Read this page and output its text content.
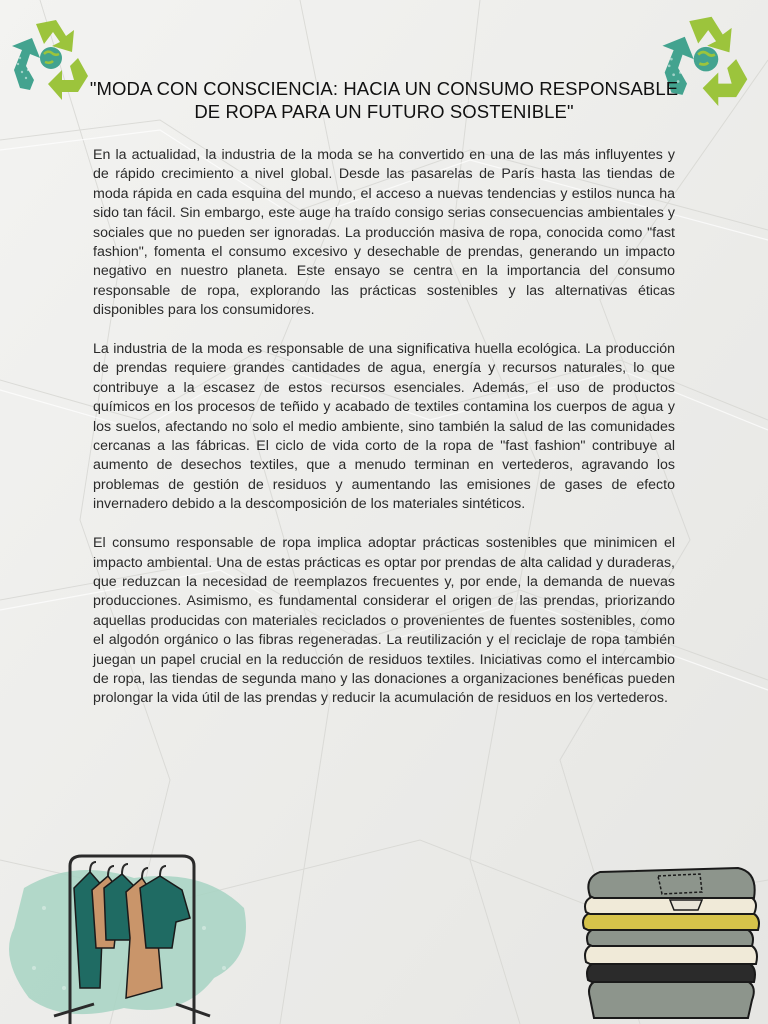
"MODA CON CONSCIENCIA: HACIA UN CONSUMO RESPONSABLE DE ROPA PARA UN FUTURO SOSTENIBLE"

En la actualidad, la industria de la moda se ha convertido en una de las más influyentes y de rápido crecimiento a nivel global. Desde las pasarelas de París hasta las tiendas de moda rápida en cada esquina del mundo, el acceso a nuevas tendencias y estilos nunca ha sido tan fácil. Sin embargo, este auge ha traído consigo serias consecuencias ambientales y sociales que no pueden ser ignoradas. La producción masiva de ropa, conocida como "fast fashion", fomenta el consumo excesivo y desechable de prendas, generando un impacto negativo en nuestro planeta. Este ensayo se centra en la importancia del consumo responsable de ropa, explorando las prácticas sostenibles y las alternativas éticas disponibles para los consumidores.

La industria de la moda es responsable de una significativa huella ecológica. La producción de prendas requiere grandes cantidades de agua, energía y recursos naturales, lo que contribuye a la escasez de estos recursos esenciales. Además, el uso de productos químicos en los procesos de teñido y acabado de textiles contamina los cuerpos de agua y los suelos, afectando no solo el medio ambiente, sino también la salud de las comunidades cercanas a las fábricas. El ciclo de vida corto de la ropa de "fast fashion" contribuye al aumento de desechos textiles, que a menudo terminan en vertederos, agravando los problemas de gestión de residuos y aumentando las emisiones de gases de efecto invernadero debido a la descomposición de los materiales sintéticos.

El consumo responsable de ropa implica adoptar prácticas sostenibles que minimicen el impacto ambiental. Una de estas prácticas es optar por prendas de alta calidad y duraderas, que reduzcan la necesidad de reemplazos frecuentes y, por ende, la demanda de nuevas producciones. Asimismo, es fundamental considerar el origen de las prendas, priorizando aquellas producidas con materiales reciclados o provenientes de fuentes sostenibles, como el algodón orgánico o las fibras regeneradas. La reutilización y el reciclaje de ropa también juegan un papel crucial en la reducción de residuos textiles. Iniciativas como el intercambio de ropa, las tiendas de segunda mano y las donaciones a organizaciones benéficas pueden prolongar la vida útil de las prendas y reducir la acumulación de residuos en los vertederos.
